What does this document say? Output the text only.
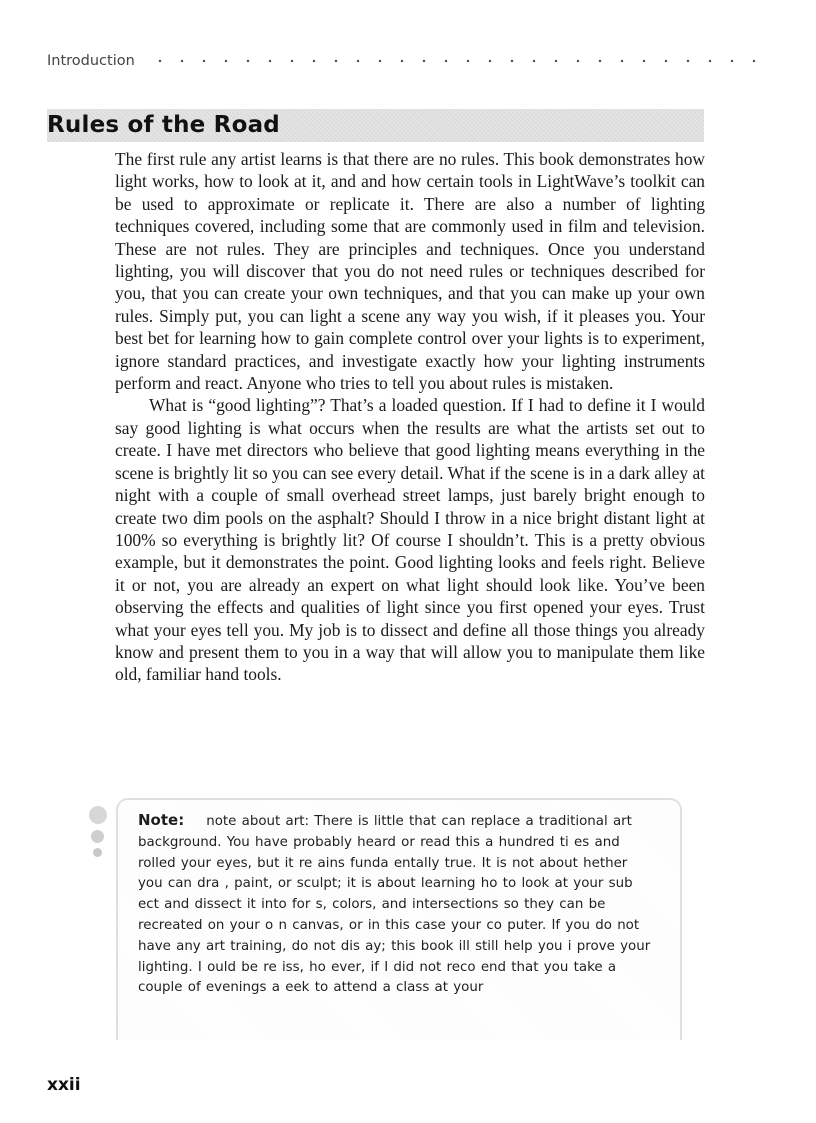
Introduction
Rules of the Road

The first rule any artist learns is that there are no rules. This book demonstrates how light works, how to look at it, and and how certain tools in LightWave’s toolkit can be used to approximate or replicate it. There are also a number of lighting techniques covered, including some that are commonly used in film and television. These are not rules. They are principles and techniques. Once you understand lighting, you will discover that you do not need rules or techniques described for you, that you can create your own techniques, and that you can make up your own rules. Simply put, you can light a scene any way you wish, if it pleases you. Your best bet for learning how to gain complete control over your lights is to experiment, ignore standard practices, and investigate exactly how your lighting instruments perform and react. Anyone who tries to tell you about rules is mistaken.

What is “good lighting”? That’s a loaded question. If I had to define it I would say good lighting is what occurs when the results are what the artists set out to create. I have met directors who believe that good lighting means everything in the scene is brightly lit so you can see every detail. What if the scene is in a dark alley at night with a couple of small overhead street lamps, just barely bright enough to create two dim pools on the asphalt? Should I throw in a nice bright distant light at 100% so everything is brightly lit? Of course I shouldn’t. This is a pretty obvious example, but it demonstrates the point. Good lighting looks and feels right. Believe it or not, you are already an expert on what light should look like. You’ve been observing the effects and qualities of light since you first opened your eyes. Trust what your eyes tell you. My job is to dissect and define all those things you already know and present them to you in a way that will allow you to manipulate them like old, familiar hand tools.

Note: note about art: There is little that can replace a traditional art background. You have probably heard or read this a hundred ti es and rolled your eyes, but it re ains funda entally true. It is not about hether you can dra , paint, or sculpt; it is about learning ho to look at your sub ect and dissect it into for s, colors, and intersections so they can be recreated on your o n canvas, or in this case your co puter. If you do not have any art training, do not dis ay; this book ill still help you i prove your lighting. I ould be re iss, ho ever, if I did not reco end that you take a couple of evenings a eek to attend a class at your

xxii
